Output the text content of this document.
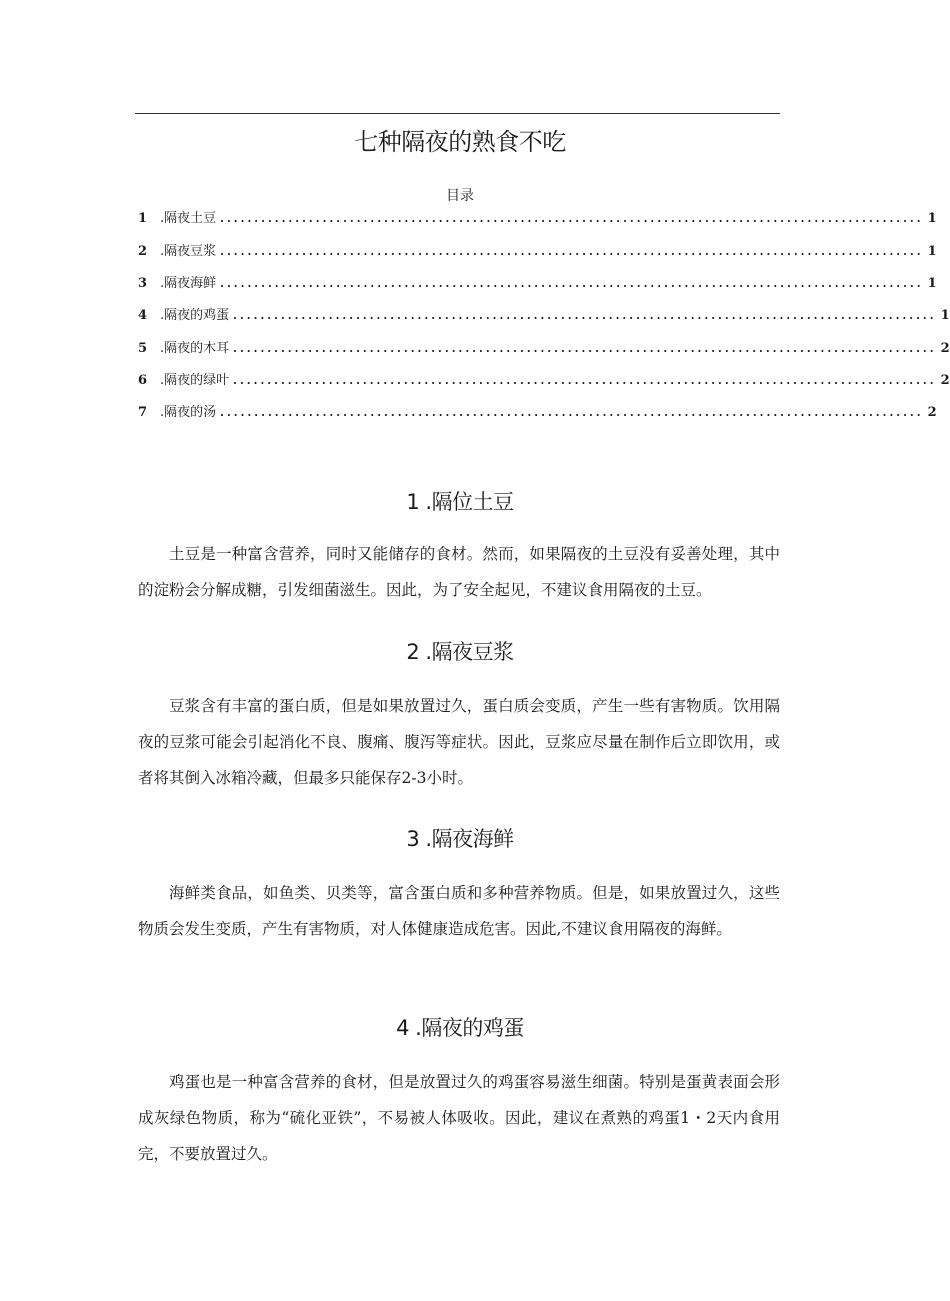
七种隔夜的熟食不吃
目录
1 .隔夜土豆 ....................................................................................................... 1
2 .隔夜豆浆 ....................................................................................................... 1
3 .隔夜海鲜 ....................................................................................................... 1
4 .隔夜的鸡蛋 ....................................................................................................... 1
5 .隔夜的木耳 ....................................................................................................... 2
6 .隔夜的绿叶 ....................................................................................................... 2
7 .隔夜的汤 ....................................................................................................... 2
1 .隔位土豆

土豆是一种富含营养，同时又能储存的食材。然而，如果隔夜的土豆没有妥善处理，其中的淀粉会分解成糖，引发细菌滋生。因此，为了安全起见，不建议食用隔夜的土豆。

2 .隔夜豆浆

豆浆含有丰富的蛋白质，但是如果放置过久，蛋白质会变质，产生一些有害物质。饮用隔夜的豆浆可能会引起消化不良、腹痛、腹泻等症状。因此，豆浆应尽量在制作后立即饮用，或者将其倒入冰箱冷藏，但最多只能保存2-3小时。

3 .隔夜海鲜

海鲜类食品，如鱼类、贝类等，富含蛋白质和多种营养物质。但是，如果放置过久，这些物质会发生变质，产生有害物质，对人体健康造成危害。因此,不建议食用隔夜的海鲜。

4 .隔夜的鸡蛋

鸡蛋也是一种富含营养的食材，但是放置过久的鸡蛋容易滋生细菌。特别是蛋黄表面会形成灰绿色物质，称为“硫化亚铁”，不易被人体吸收。因此，建议在煮熟的鸡蛋1・2天内食用完，不要放置过久。
